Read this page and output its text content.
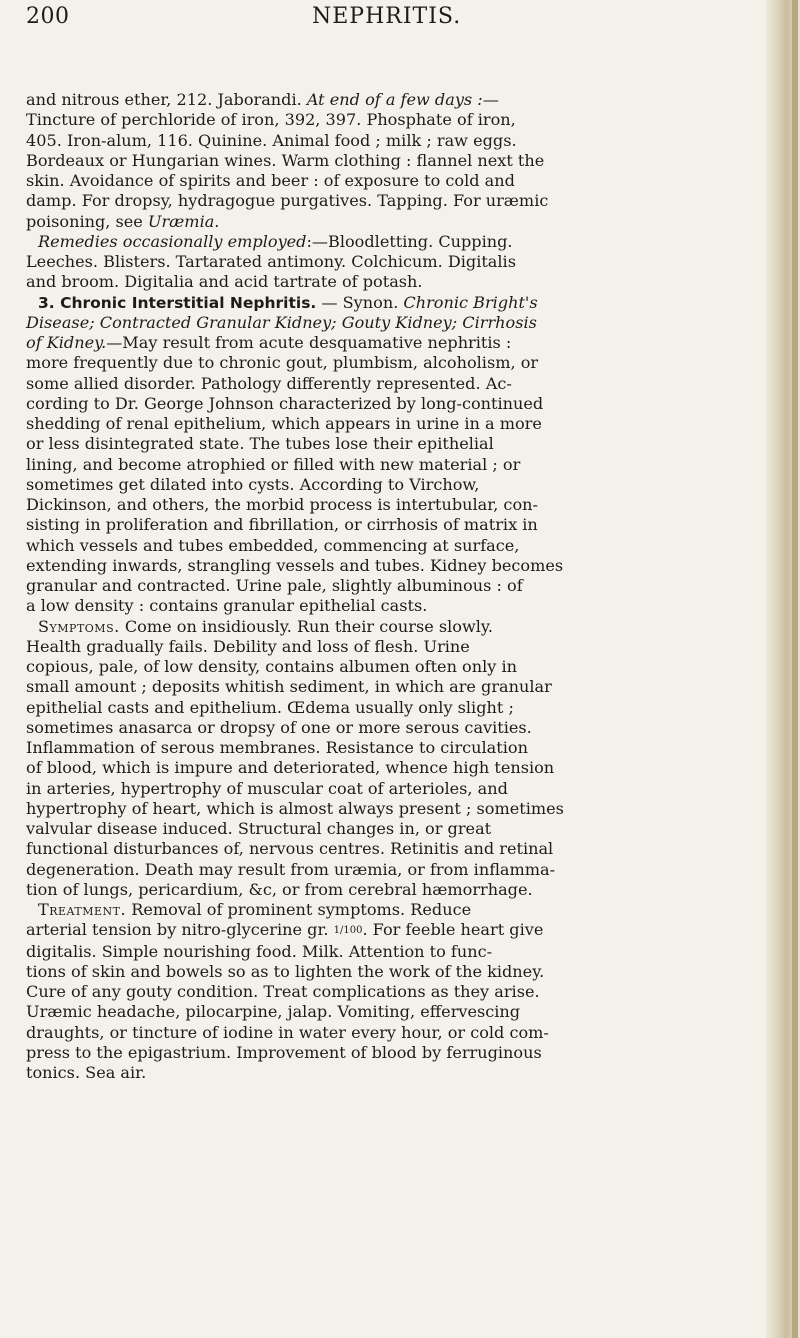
200	NEPHRITIS.
and nitrous ether, 212. Jaborandi. At end of a few days :—
Tincture of perchloride of iron, 392, 397. Phosphate of iron,
405. Iron-alum, 116. Quinine. Animal food ; milk ; raw eggs.
Bordeaux or Hungarian wines. Warm clothing : flannel next the
skin. Avoidance of spirits and beer : of exposure to cold and
damp. For dropsy, hydragogue purgatives. Tapping. For uræmic
poisoning, see Uræmia.
Remedies occasionally employed:—Bloodletting. Cupping.
Leeches. Blisters. Tartarated antimony. Colchicum. Digitalis
and broom. Digitalia and acid tartrate of potash.
3. Chronic Interstitial Nephritis. — Synon. Chronic Bright's
Disease; Contracted Granular Kidney; Gouty Kidney; Cirrhosis
of Kidney.—May result from acute desquamative nephritis :
more frequently due to chronic gout, plumbism, alcoholism, or
some allied disorder. Pathology differently represented. Ac-
cording to Dr. George Johnson characterized by long-continued
shedding of renal epithelium, which appears in urine in a more
or less disintegrated state. The tubes lose their epithelial
lining, and become atrophied or filled with new material ; or
sometimes get dilated into cysts. According to Virchow,
Dickinson, and others, the morbid process is intertubular, con-
sisting in proliferation and fibrillation, or cirrhosis of matrix in
which vessels and tubes embedded, commencing at surface,
extending inwards, strangling vessels and tubes. Kidney becomes
granular and contracted. Urine pale, slightly albuminous : of
a low density : contains granular epithelial casts.
Symptoms. Come on insidiously. Run their course slowly.
Health gradually fails. Debility and loss of flesh. Urine
copious, pale, of low density, contains albumen often only in
small amount ; deposits whitish sediment, in which are granular
epithelial casts and epithelium. Œdema usually only slight ;
sometimes anasarca or dropsy of one or more serous cavities.
Inflammation of serous membranes. Resistance to circulation
of blood, which is impure and deteriorated, whence high tension
in arteries, hypertrophy of muscular coat of arterioles, and
hypertrophy of heart, which is almost always present ; sometimes
valvular disease induced. Structural changes in, or great
functional disturbances of, nervous centres. Retinitis and retinal
degeneration. Death may result from uræmia, or from inflamma-
tion of lungs, pericardium, &c, or from cerebral hæmorrhage.
Treatment. Removal of prominent symptoms. Reduce
arterial tension by nitro-glycerine gr. 1/100. For feeble heart give
digitalis. Simple nourishing food. Milk. Attention to func-
tions of skin and bowels so as to lighten the work of the kidney.
Cure of any gouty condition. Treat complications as they arise.
Uræmic headache, pilocarpine, jalap. Vomiting, effervescing
draughts, or tincture of iodine in water every hour, or cold com-
press to the epigastrium. Improvement of blood by ferruginous
tonics. Sea air.
